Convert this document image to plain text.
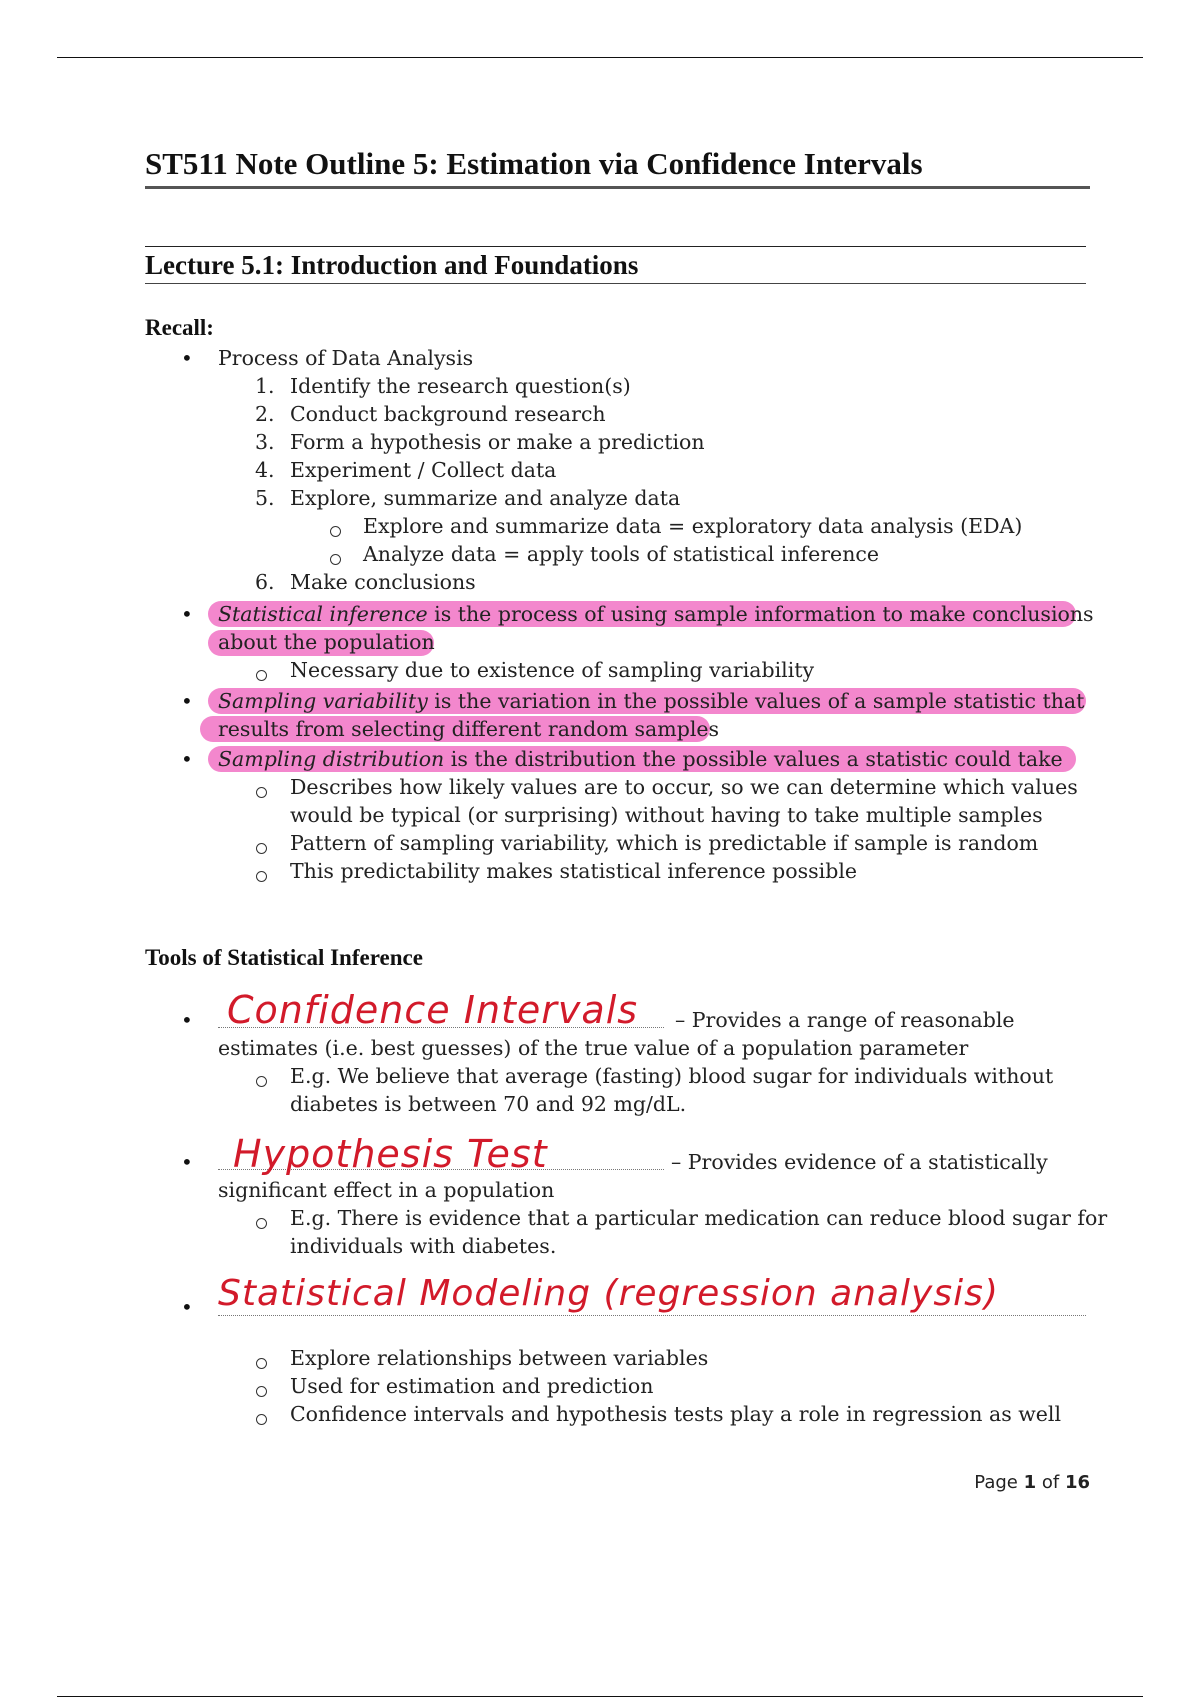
ST511 Note Outline 5: Estimation via Confidence Intervals
Lecture 5.1: Introduction and Foundations
Recall:
• Process of Data Analysis
1. Identify the research question(s)
2. Conduct background research
3. Form a hypothesis or make a prediction
4. Experiment / Collect data
5. Explore, summarize and analyze data
Explore and summarize data = exploratory data analysis (EDA)
Analyze data = apply tools of statistical inference
6. Make conclusions
• Statistical inference is the process of using sample information to make conclusions
about the population
Necessary due to existence of sampling variability
• Sampling variability is the variation in the possible values of a sample statistic that
results from selecting different random samples
• Sampling distribution is the distribution the possible values a statistic could take
Describes how likely values are to occur, so we can determine which values
would be typical (or surprising) without having to take multiple samples
Pattern of sampling variability, which is predictable if sample is random
This predictability makes statistical inference possible
Tools of Statistical Inference
• Confidence Intervals – Provides a range of reasonable
estimates (i.e. best guesses) of the true value of a population parameter
E.g. We believe that average (fasting) blood sugar for individuals without
diabetes is between 70 and 92 mg/dL.
• Hypothesis Test	– Provides evidence of a statistically
significant effect in a population
E.g. There is evidence that a particular medication can reduce blood sugar for
individuals with diabetes.
• Statistical Modeling (regression analysis)
Explore relationships between variables
Used for estimation and prediction
Confidence intervals and hypothesis tests play a role in regression as well
Page 1 of 16
